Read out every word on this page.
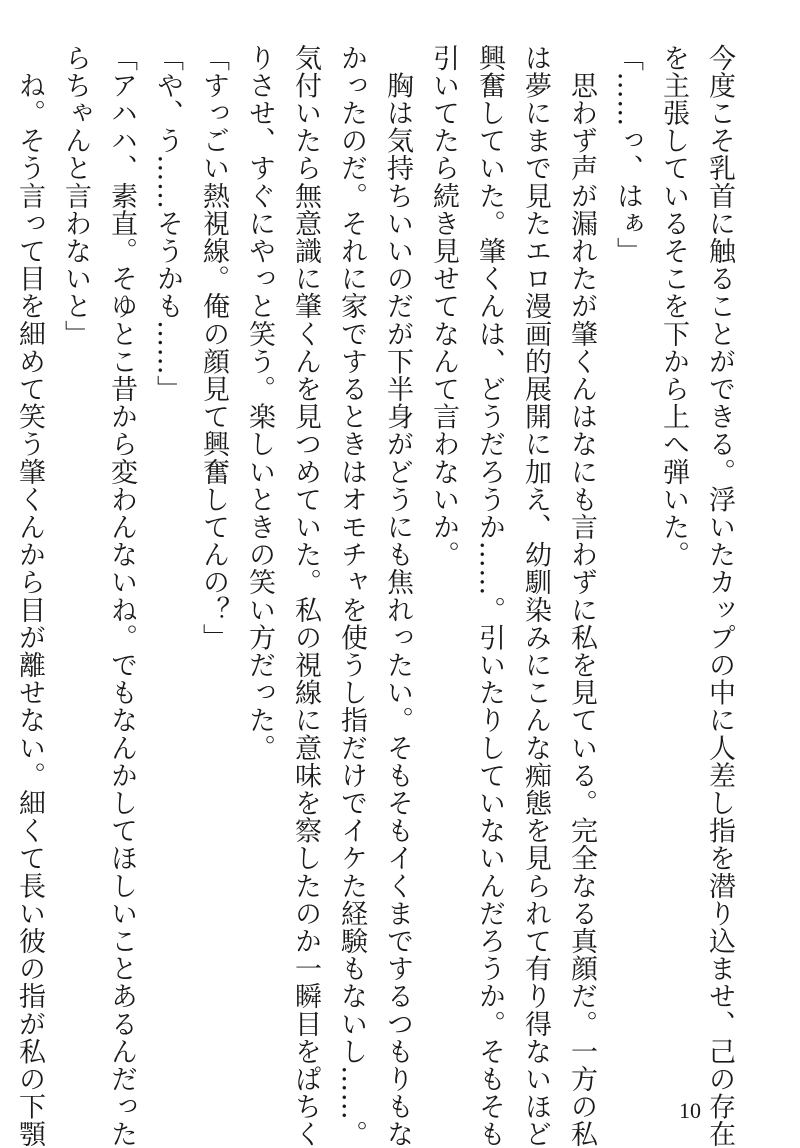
今度こそ乳首に触ることができる。浮いたカップの中に人差し指を潜り込ませ、己の存在
を主張しているそこを下から上へ弾いた。
「……っ、はぁ」
　思わず声が漏れたが肇くんはなにも言わずに私を見ている。完全なる真顔だ。一方の私
は夢にまで見たエロ漫画的展開に加え、幼馴染みにこんな痴態を見られて有り得ないほど
興奮していた。肇くんは、どうだろうか……。引いたりしていないんだろうか。そもそも
引いてたら続き見せてなんて言わないか。
　胸は気持ちいいのだが下半身がどうにも焦れったい。そもそもイくまでするつもりもな
かったのだ。それに家でするときはオモチャを使うし指だけでイケた経験もないし……。
気付いたら無意識に肇くんを見つめていた。私の視線に意味を察したのか一瞬目をぱちく
りさせ、すぐにやっと笑う。楽しいときの笑い方だった。
「すっごい熱視線。俺の顔見て興奮してんの？」
「や、う……そうかも……」
「アハハ、素直。そゆとこ昔から変わんないね。でもなんかしてほしいことあるんだった
らちゃんと言わないと」
　ね。そう言って目を細めて笑う肇くんから目が離せない。細くて長い彼の指が私の下顎	10
